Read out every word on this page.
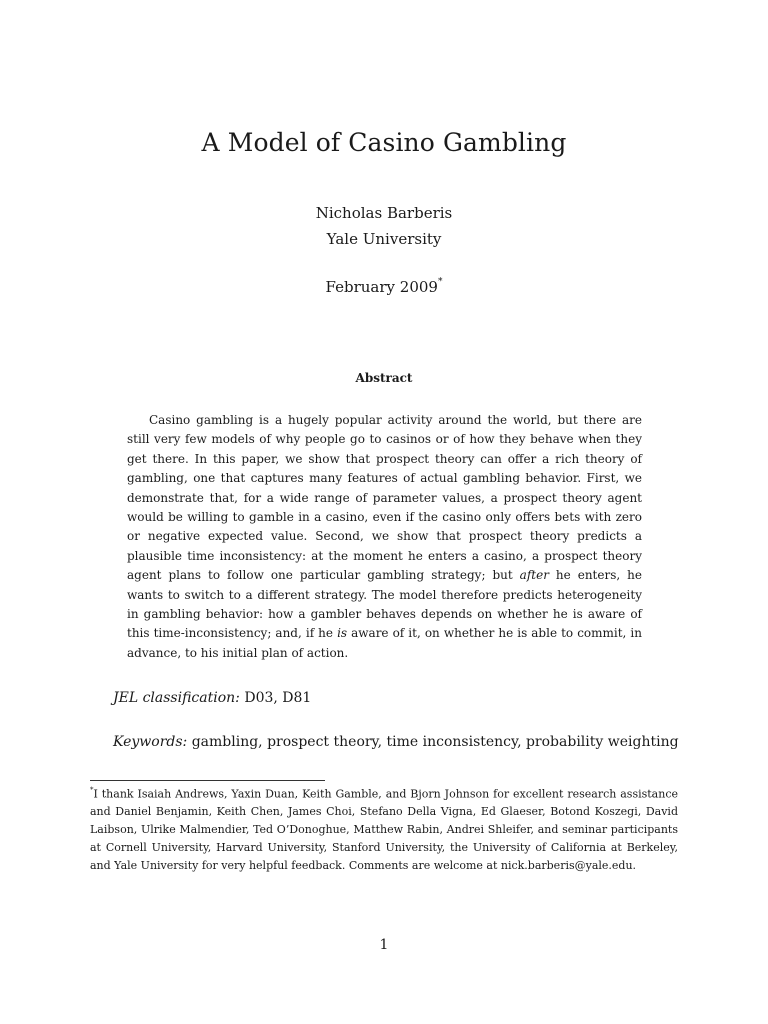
A Model of Casino Gambling
Nicholas Barberis
Yale University
February 2009*
Abstract

Casino gambling is a hugely popular activity around the world, but there are still very few models of why people go to casinos or of how they behave when they get there. In this paper, we show that prospect theory can offer a rich theory of gambling, one that captures many features of actual gambling behavior. First, we demonstrate that, for a wide range of parameter values, a prospect theory agent would be willing to gamble in a casino, even if the casino only offers bets with zero or negative expected value. Second, we show that prospect theory predicts a plausible time inconsistency: at the moment he enters a casino, a prospect theory agent plans to follow one particular gambling strategy; but after he enters, he wants to switch to a different strategy. The model therefore predicts heterogeneity in gambling behavior: how a gambler behaves depends on whether he is aware of this time-inconsistency; and, if he is aware of it, on whether he is able to commit, in advance, to his initial plan of action.

JEL classification: D03, D81
Keywords: gambling, prospect theory, time inconsistency, probability weighting

*I thank Isaiah Andrews, Yaxin Duan, Keith Gamble, and Bjorn Johnson for excellent research assistance and Daniel Benjamin, Keith Chen, James Choi, Stefano Della Vigna, Ed Glaeser, Botond Koszegi, David Laibson, Ulrike Malmendier, Ted O’Donoghue, Matthew Rabin, Andrei Shleifer, and seminar participants at Cornell University, Harvard University, Stanford University, the University of California at Berkeley, and Yale University for very helpful feedback. Comments are welcome at nick.barberis@yale.edu.

1
